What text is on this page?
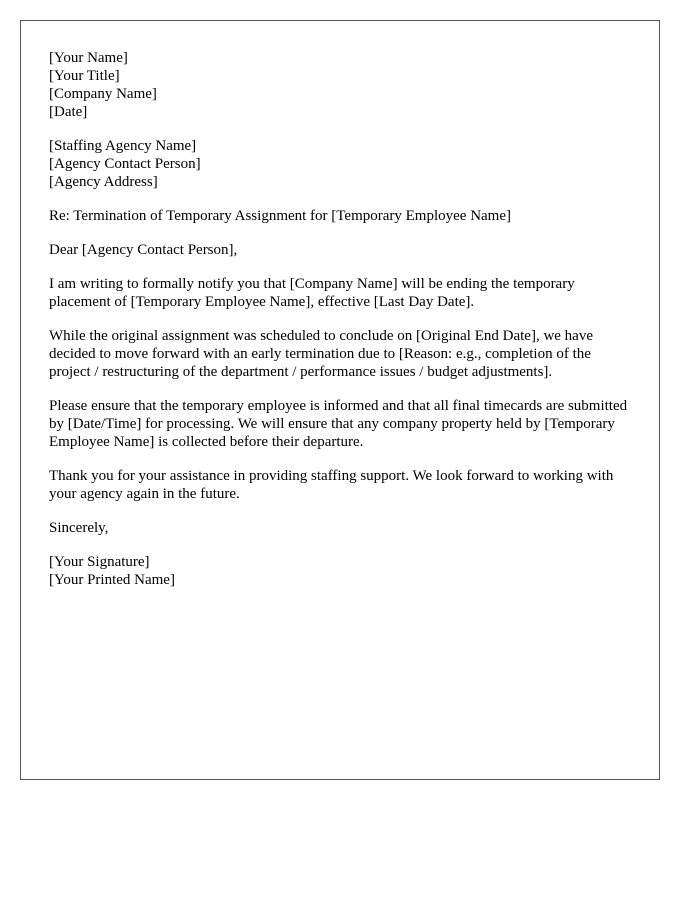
[Your Name]
[Your Title]
[Company Name]
[Date]
[Staffing Agency Name]
[Agency Contact Person]
[Agency Address]

Re: Termination of Temporary Assignment for [Temporary Employee Name]

Dear [Agency Contact Person],

I am writing to formally notify you that [Company Name] will be ending the temporary placement of [Temporary Employee Name], effective [Last Day Date].

While the original assignment was scheduled to conclude on [Original End Date], we have decided to move forward with an early termination due to [Reason: e.g., completion of the project / restructuring of the department / performance issues / budget adjustments].

Please ensure that the temporary employee is informed and that all final timecards are submitted by [Date/Time] for processing. We will ensure that any company property held by [Temporary Employee Name] is collected before their departure.

Thank you for your assistance in providing staffing support. We look forward to working with your agency again in the future.

Sincerely,

[Your Signature]
[Your Printed Name]
